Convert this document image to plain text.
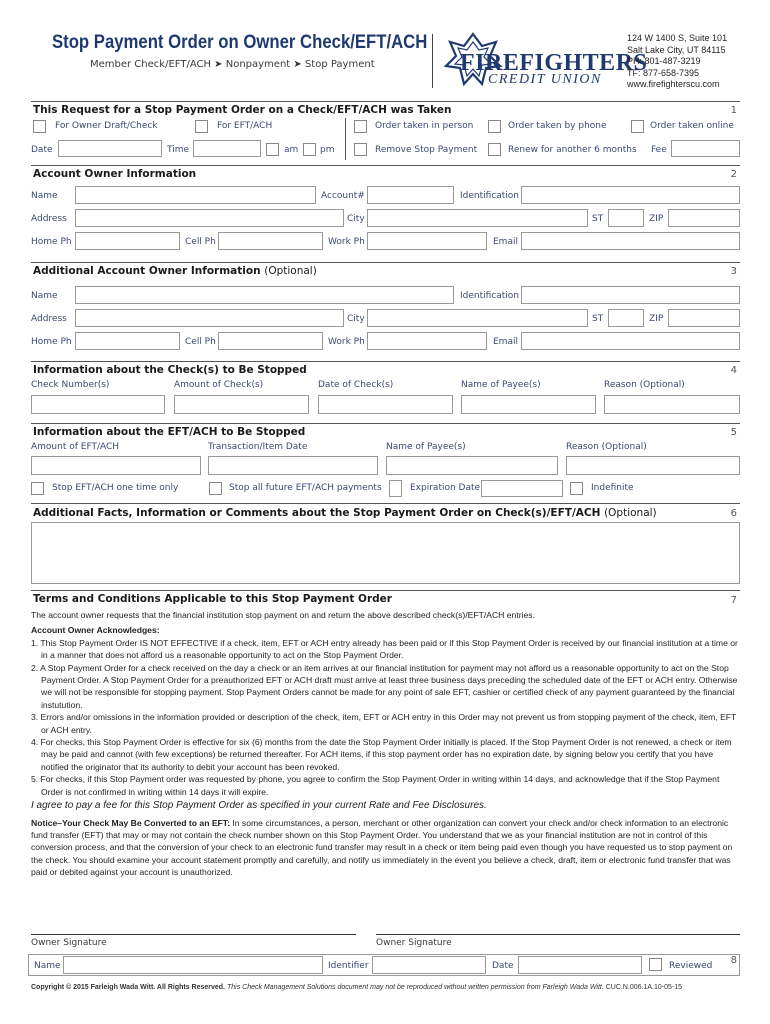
Stop Payment Order on Owner Check/EFT/ACH
Member Check/EFT/ACH ➤ Nonpayment ➤ Stop Payment	FIREFIGHTERS
CREDIT UNION
124 W 1400 S, Suite 101
Salt Lake City, UT 84115
PH: 801-487-3219
TF: 877-658-7395
www.firefighterscu.com
This Request for a Stop Payment Order on a Check/EFT/ACH was Taken	1
For Owner Draft/Check	For EFT/ACH	Order taken in person	Order taken by phone	Order taken online
Date	Time	am pm	Remove Stop Payment	Renew for another 6 months Fee
Account Owner Information	2
Name	Account#	Identification
Address	City	ST	ZIP
Home Ph	Cell Ph	Work Ph	Email
Additional Account Owner Information (Optional)	3
Name	Identification
Address	City	ST	ZIP
Home Ph	Cell Ph	Work Ph	Email
Information about the Check(s) to Be Stopped	4
Check Number(s)	Amount of Check(s)	Date of Check(s)	Name of Payee(s)	Reason (Optional)
Information about the EFT/ACH to Be Stopped	5
Amount of EFT/ACH	Transaction/Item Date	Name of Payee(s)	Reason (Optional)
Stop EFT/ACH one time only	Stop all future EFT/ACH payments	Expiration Date	Indefinite
Additional Facts, Information or Comments about the Stop Payment Order on Check(s)/EFT/ACH (Optional)	6
Terms and Conditions Applicable to this Stop Payment Order	7
The account owner requests that the financial institution stop payment on and return the above described check(s)/EFT/ACH entries.
Account Owner Acknowledges:
1. This Stop Payment Order IS NOT EFFECTIVE if a check, item, EFT or ACH entry already has been paid or if this Stop Payment Order is received by our financial institution at a time or in a manner that does not afford us a reasonable opportunity to act on the Stop Payment Order.
2. A Stop Payment Order for a check received on the day a check or an item arrives at our financial institution for payment may not afford us a reasonable opportunity to act on the Stop Payment Order. A Stop Payment Order for a preauthorized EFT or ACH draft must arrive at least three business days preceding the scheduled date of the EFT or ACH entry. Otherwise we will not be responsible for stopping payment. Stop Payment Orders cannot be made for any point of sale EFT, cashier or certified check of any payment guaranteed by the financial instutution.
3. Errors and/or omissions in the information provided or description of the check, item, EFT or ACH entry in this Order may not prevent us from stopping payment of the check, item, EFT or ACH entry.
4. For checks, this Stop Payment Order is effective for six (6) months from the date the Stop Payment Order initially is placed. If the Stop Payment Order is not renewed, a check or item may be paid and cannot (with few exceptions) be returned thereafter. For ACH items, if this stop payment order has no expiration date, by signing below you certify that you have notified the originator that its authority to debit your account has been revoked.
5. For checks, if this Stop Payment order was requested by phone, you agree to confirm the Stop Payment Order in writing within 14 days, and acknowledge that if the Stop Payment Order is not confirmed in writing within 14 days it will expire.
I agree to pay a fee for this Stop Payment Order as specified in your current Rate and Fee Disclosures.
Notice–Your Check May Be Converted to an EFT: In some circumstances, a person, merchant or other organization can convert your check and/or check information to an electronic fund transfer (EFT) that may or may not contain the check number shown on this Stop Payment Order. You understand that we as your financial institution are not in control of this conversion process, and that the conversion of your check to an electronic fund transfer may result in a check or item being paid even though you have requested us to stop payment on the check. You should examine your account statement promptly and carefully, and notify us immediately in the event you believe a check, draft, item or electronic fund transfer that was paid or debited against your account is unauthorized.
Owner Signature	Owner Signature
Name	Identifier	Date	Reviewed 8
Copyright © 2015 Farleigh Wada Witt. All Rights Reserved. This Check Management Solutions document may not be reproduced without written permission from Farleigh Wada Witt. CUC.N.006.1A.10-05-15
